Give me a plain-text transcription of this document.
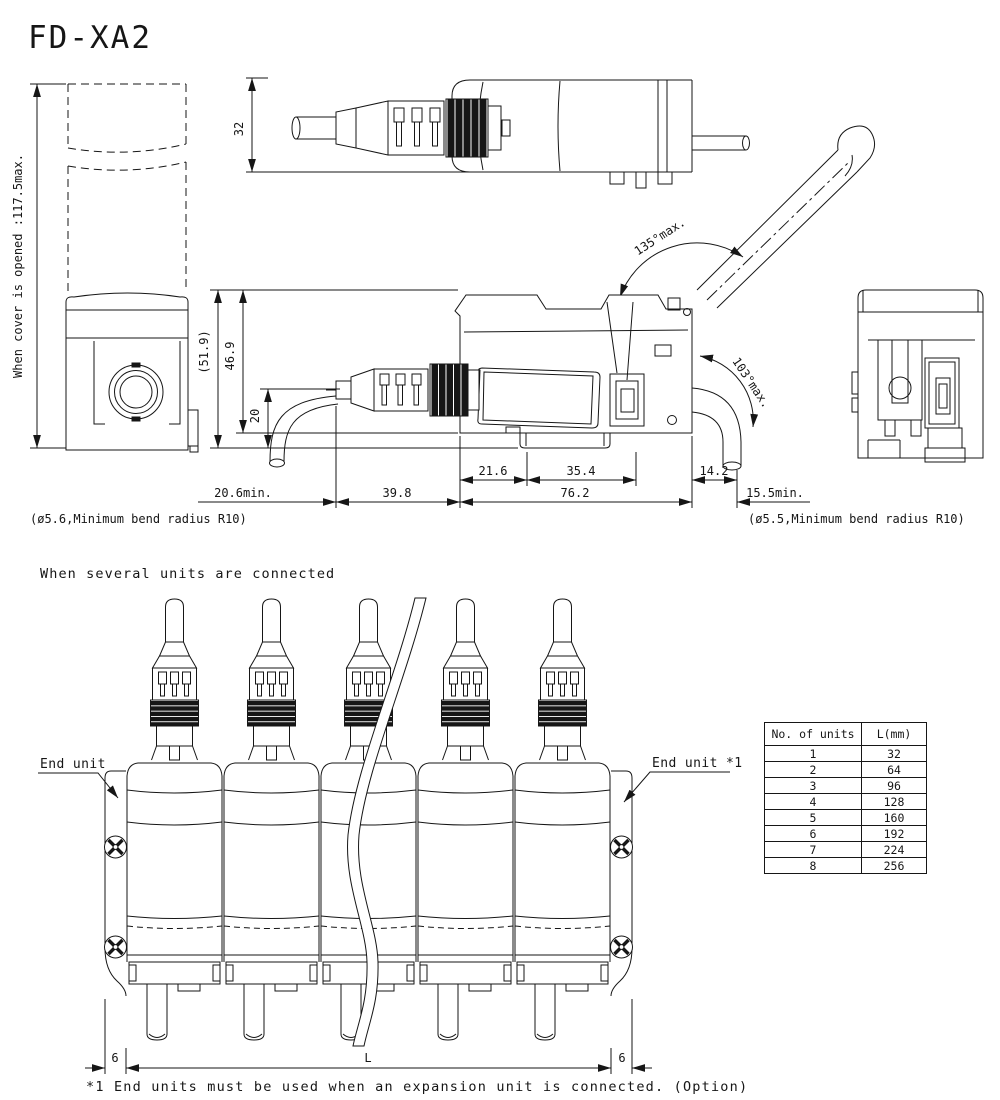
FD-XA2
When cover is opened :117.5max.
32
(51.9) 46.9
20
21.6	35.4	14.2
20.6min.	39.8	76.2	15.5min.
(ø5.6,Minimum bend radius R10)	(ø5.5,Minimum bend radius R10)
135°max.
103°max.
When several units are connected
End unit	End unit *1
6	L	6
*1 End units must be used when an expansion unit is connected. (Option)
No. of units	L(mm)
1	32
2	64
3	96
4	128
5	160
6	192
7	224
8	256
